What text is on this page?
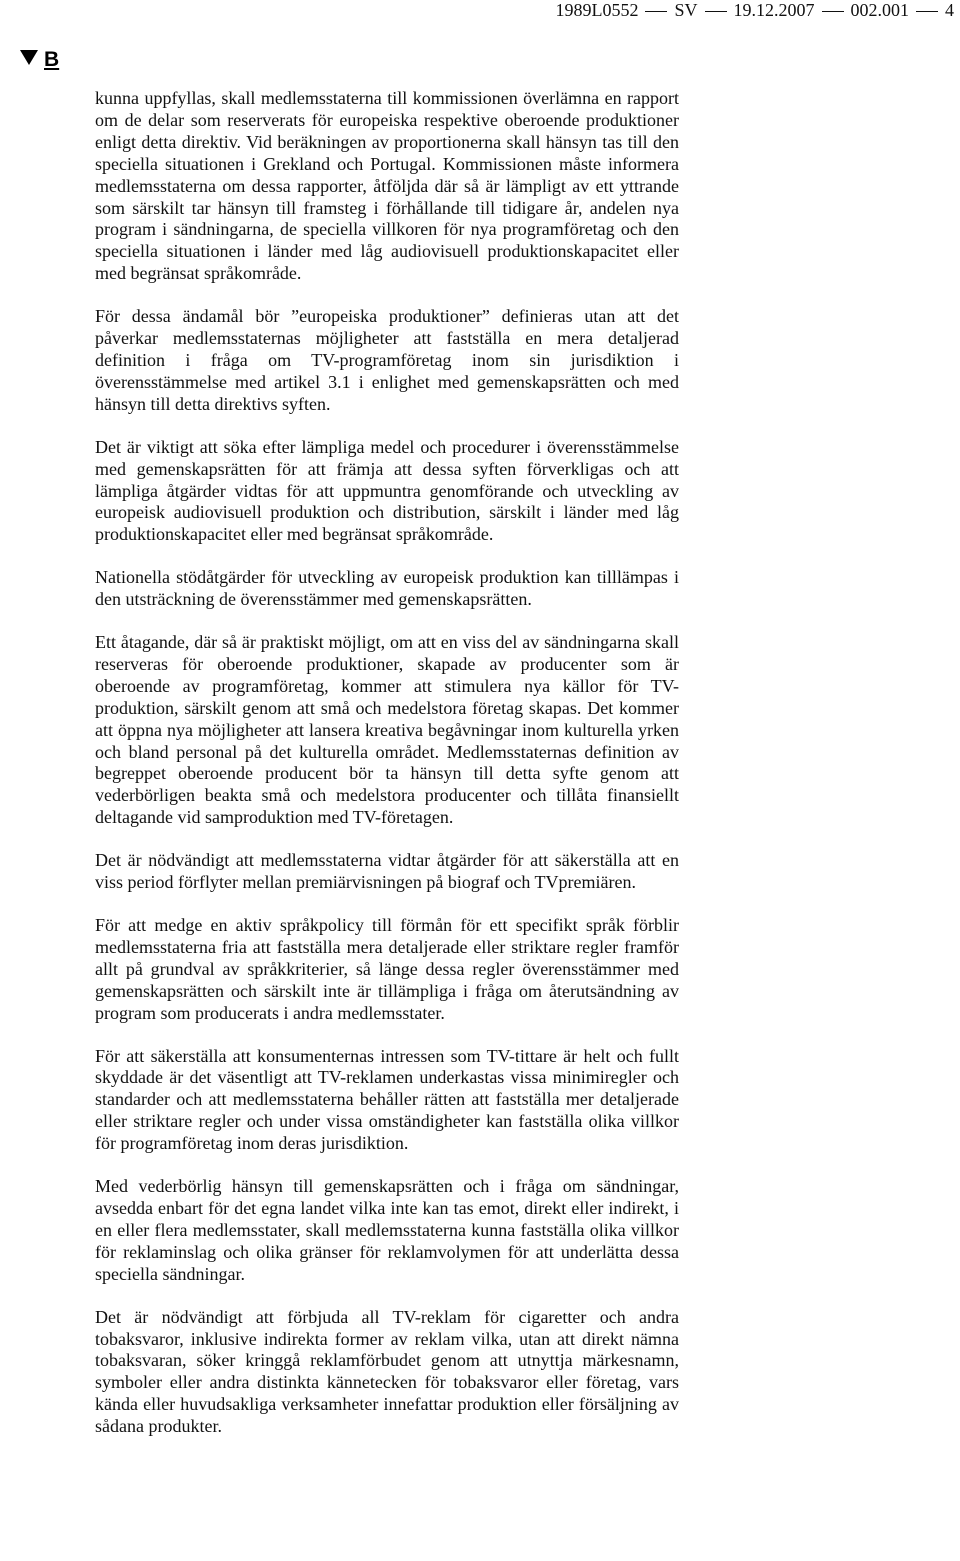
1989L0552 SV 19.12.2007 002.001 4
B

kunna uppfyllas, skall medlemsstaterna till kommissionen överlämna en rapport om de delar som reserverats för europeiska respektive oberoende produktioner enligt detta direktiv. Vid beräkningen av proportionerna skall hänsyn tas till den speciella situationen i Grekland och Portugal. Kommissionen måste informera medlemsstaterna om dessa rapporter, åtföljda där så är lämpligt av ett yttrande som särskilt tar hänsyn till framsteg i förhållande till tidigare år, andelen nya program i sändningarna, de speciella villkoren för nya programföretag och den speciella situationen i länder med låg audiovisuell produktionskapacitet eller med begränsat språkområde.

För dessa ändamål bör ”europeiska produktioner” definieras utan att det påverkar medlemsstaternas möjligheter att fastställa en mera detaljerad definition i fråga om TV-programföretag inom sin jurisdiktion i överensstämmelse med artikel 3.1 i enlighet med gemenskapsrätten och med hänsyn till detta direktivs syften.

Det är viktigt att söka efter lämpliga medel och procedurer i överensstämmelse med gemenskapsrätten för att främja att dessa syften förverkligas och att lämpliga åtgärder vidtas för att uppmuntra genomförande och utveckling av europeisk audiovisuell produktion och distribution, särskilt i länder med låg produktionskapacitet eller med begränsat språkområde.

Nationella stödåtgärder för utveckling av europeisk produktion kan tilllämpas i den utsträckning de överensstämmer med gemenskapsrätten.

Ett åtagande, där så är praktiskt möjligt, om att en viss del av sändningarna skall reserveras för oberoende produktioner, skapade av producenter som är oberoende av programföretag, kommer att stimulera nya källor för TV-produktion, särskilt genom att små och medelstora företag skapas. Det kommer att öppna nya möjligheter att lansera kreativa begåvningar inom kulturella yrken och bland personal på det kulturella området. Medlemsstaternas definition av begreppet oberoende producent bör ta hänsyn till detta syfte genom att vederbörligen beakta små och medelstora producenter och tillåta finansiellt deltagande vid samproduktion med TV-företagen.

Det är nödvändigt att medlemsstaterna vidtar åtgärder för att säkerställa att en viss period förflyter mellan premiärvisningen på biograf och TVpremiären.

För att medge en aktiv språkpolicy till förmån för ett specifikt språk förblir medlemsstaterna fria att fastställa mera detaljerade eller striktare regler framför allt på grundval av språkkriterier, så länge dessa regler överensstämmer med gemenskapsrätten och särskilt inte är tillämpliga i fråga om återutsändning av program som producerats i andra medlemsstater.

För att säkerställa att konsumenternas intressen som TV-tittare är helt och fullt skyddade är det väsentligt att TV-reklamen underkastas vissa minimiregler och standarder och att medlemsstaterna behåller rätten att fastställa mer detaljerade eller striktare regler och under vissa omständigheter kan fastställa olika villkor för programföretag inom deras jurisdiktion.

Med vederbörlig hänsyn till gemenskapsrätten och i fråga om sändningar, avsedda enbart för det egna landet vilka inte kan tas emot, direkt eller indirekt, i en eller flera medlemsstater, skall medlemsstaterna kunna fastställa olika villkor för reklaminslag och olika gränser för reklamvolymen för att underlätta dessa speciella sändningar.

Det är nödvändigt att förbjuda all TV-reklam för cigaretter och andra tobaksvaror, inklusive indirekta former av reklam vilka, utan att direkt nämna tobaksvaran, söker kringgå reklamförbudet genom att utnyttja märkesnamn, symboler eller andra distinkta kännetecken för tobaksvaror eller företag, vars kända eller huvudsakliga verksamheter innefattar produktion eller försäljning av sådana produkter.
